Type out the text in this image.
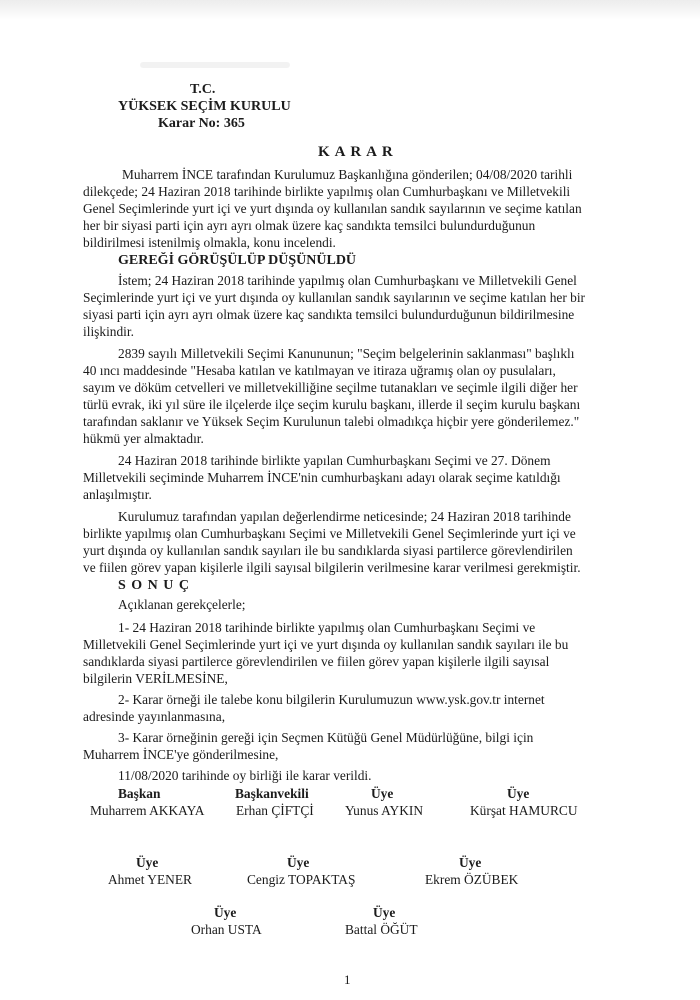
T.C.
YÜKSEK SEÇİM KURULU
Karar No: 365
K A R A R
Muharrem İNCE tarafından Kurulumuz Başkanlığına gönderilen; 04/08/2020 tarihli
dilekçede; 24 Haziran 2018 tarihinde birlikte yapılmış olan Cumhurbaşkanı ve Milletvekili
Genel Seçimlerinde yurt içi ve yurt dışında oy kullanılan sandık sayılarının ve seçime katılan
her bir siyasi parti için ayrı ayrı olmak üzere kaç sandıkta temsilci bulundurduğunun
bildirilmesi istenilmiş olmakla, konu incelendi.
GEREĞİ GÖRÜŞÜLÜP DÜŞÜNÜLDÜ
İstem; 24 Haziran 2018 tarihinde yapılmış olan Cumhurbaşkanı ve Milletvekili Genel
Seçimlerinde yurt içi ve yurt dışında oy kullanılan sandık sayılarının ve seçime katılan her bir
siyasi parti için ayrı ayrı olmak üzere kaç sandıkta temsilci bulundurduğunun bildirilmesine
ilişkindir.
2839 sayılı Milletvekili Seçimi Kanununun; "Seçim belgelerinin saklanması" başlıklı
40 ıncı maddesinde "Hesaba katılan ve katılmayan ve itiraza uğramış olan oy pusulaları,
sayım ve döküm cetvelleri ve milletvekilliğine seçilme tutanakları ve seçimle ilgili diğer her
türlü evrak, iki yıl süre ile ilçelerde ilçe seçim kurulu başkanı, illerde il seçim kurulu başkanı
tarafından saklanır ve Yüksek Seçim Kurulunun talebi olmadıkça hiçbir yere gönderilemez."
hükmü yer almaktadır.
24 Haziran 2018 tarihinde birlikte yapılan Cumhurbaşkanı Seçimi ve 27. Dönem
Milletvekili seçiminde Muharrem İNCE'nin cumhurbaşkanı adayı olarak seçime katıldığı
anlaşılmıştır.
Kurulumuz tarafından yapılan değerlendirme neticesinde; 24 Haziran 2018 tarihinde
birlikte yapılmış olan Cumhurbaşkanı Seçimi ve Milletvekili Genel Seçimlerinde yurt içi ve
yurt dışında oy kullanılan sandık sayıları ile bu sandıklarda siyasi partilerce görevlendirilen
ve fiilen görev yapan kişilerle ilgili sayısal bilgilerin verilmesine karar verilmesi gerekmiştir.
S O N U Ç
Açıklanan gerekçelerle;
1- 24 Haziran 2018 tarihinde birlikte yapılmış olan Cumhurbaşkanı Seçimi ve
Milletvekili Genel Seçimlerinde yurt içi ve yurt dışında oy kullanılan sandık sayıları ile bu
sandıklarda siyasi partilerce görevlendirilen ve fiilen görev yapan kişilerle ilgili sayısal
bilgilerin VERİLMESİNE,
2- Karar örneği ile talebe konu bilgilerin Kurulumuzun www.ysk.gov.tr internet
adresinde yayınlanmasına,
3- Karar örneğinin gereği için Seçmen Kütüğü Genel Müdürlüğüne, bilgi için
Muharrem İNCE'ye gönderilmesine,
11/08/2020 tarihinde oy birliği ile karar verildi.
Başkan
Muharrem AKKAYA
Başkanvekili
Erhan ÇİFTÇİ
Üye
Yunus AYKIN
Üye
Kürşat HAMURCU
Üye
Ahmet YENER
Üye
Cengiz TOPAKTAŞ
Üye
Ekrem ÖZÜBEK
Üye
Orhan USTA
Üye
Battal ÖĞÜT
1
